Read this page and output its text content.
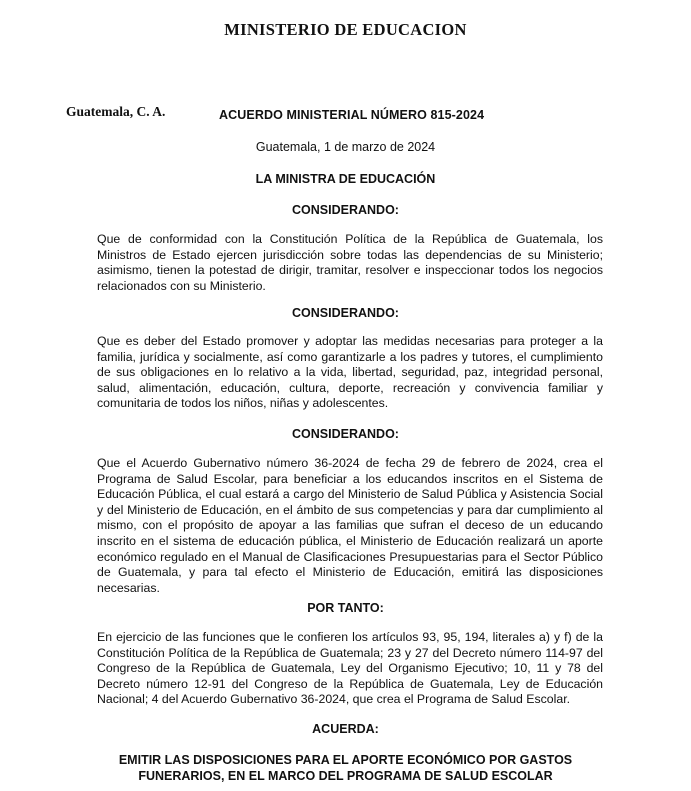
MINISTERIO DE EDUCACION
Guatemala, C. A.	ACUERDO MINISTERIAL NÚMERO 815-2024
Guatemala, 1 de marzo de 2024
LA MINISTRA DE EDUCACIÓN
CONSIDERANDO:
Que de conformidad con la Constitución Política de la República de Guatemala, los Ministros de Estado ejercen jurisdicción sobre todas las dependencias de su Ministerio; asimismo, tienen la potestad de dirigir, tramitar, resolver e inspeccionar todos los negocios relacionados con su Ministerio.
CONSIDERANDO:
Que es deber del Estado promover y adoptar las medidas necesarias para proteger a la familia, jurídica y socialmente, así como garantizarle a los padres y tutores, el cumplimiento de sus obligaciones en lo relativo a la vida, libertad, seguridad, paz, integridad personal, salud, alimentación, educación, cultura, deporte, recreación y convivencia familiar y comunitaria de todos los niños, niñas y adolescentes.
CONSIDERANDO:
Que el Acuerdo Gubernativo número 36-2024 de fecha 29 de febrero de 2024, crea el Programa de Salud Escolar, para beneficiar a los educandos inscritos en el Sistema de Educación Pública, el cual estará a cargo del Ministerio de Salud Pública y Asistencia Social y del Ministerio de Educación, en el ámbito de sus competencias y para dar cumplimiento al mismo, con el propósito de apoyar a las familias que sufran el deceso de un educando inscrito en el sistema de educación pública, el Ministerio de Educación realizará un aporte económico regulado en el Manual de Clasificaciones Presupuestarias para el Sector Público de Guatemala, y para tal efecto el Ministerio de Educación, emitirá las disposiciones necesarias.
POR TANTO:
En ejercicio de las funciones que le confieren los artículos 93, 95, 194, literales a) y f) de la Constitución Política de la República de Guatemala; 23 y 27 del Decreto número 114-97 del Congreso de la República de Guatemala, Ley del Organismo Ejecutivo; 10, 11 y 78 del Decreto número 12-91 del Congreso de la República de Guatemala, Ley de Educación Nacional; 4 del Acuerdo Gubernativo 36-2024, que crea el Programa de Salud Escolar.
ACUERDA:
EMITIR LAS DISPOSICIONES PARA EL APORTE ECONÓMICO POR GASTOS FUNERARIOS, EN EL MARCO DEL PROGRAMA DE SALUD ESCOLAR
